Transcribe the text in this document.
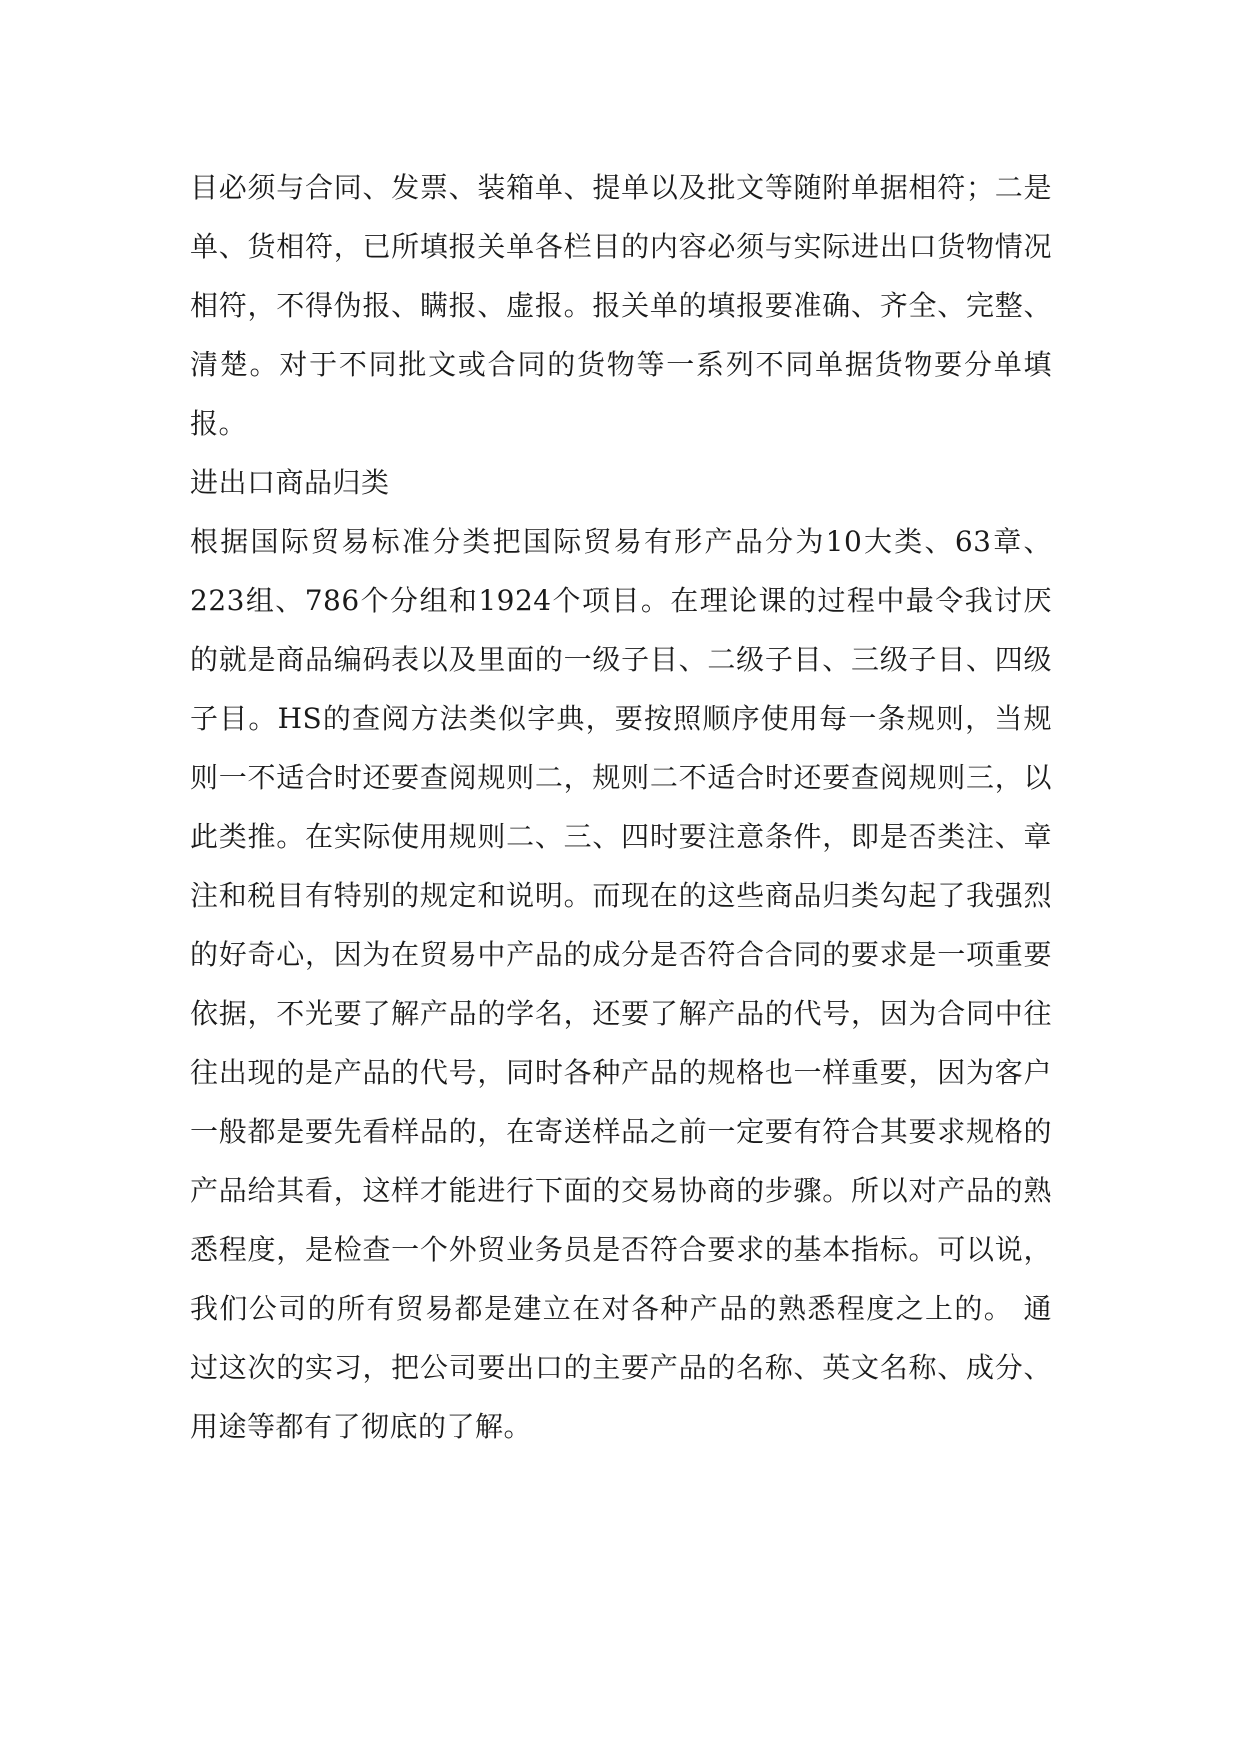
目必须与合同、发票、装箱单、提单以及批文等随附单据相符；二是单、货相符，已所填报关单各栏目的内容必须与实际进出口货物情况相符，不得伪报、瞒报、虚报。报关单的填报要准确、齐全、完整、清楚。对于不同批文或合同的货物等一系列不同单据货物要分单填报。

进出口商品归类

根据国际贸易标准分类把国际贸易有形产品分为10大类、63章、223组、786个分组和1924个项目。在理论课的过程中最令我讨厌的就是商品编码表以及里面的一级子目、二级子目、三级子目、四级子目。HS的查阅方法类似字典，要按照顺序使用每一条规则，当规则一不适合时还要查阅规则二，规则二不适合时还要查阅规则三，以此类推。在实际使用规则二、三、四时要注意条件，即是否类注、章注和税目有特别的规定和说明。而现在的这些商品归类勾起了我强烈的好奇心，因为在贸易中产品的成分是否符合合同的要求是一项重要依据，不光要了解产品的学名，还要了解产品的代号，因为合同中往往出现的是产品的代号，同时各种产品的规格也一样重要，因为客户一般都是要先看样品的，在寄送样品之前一定要有符合其要求规格的产品给其看，这样才能进行下面的交易协商的步骤。所以对产品的熟悉程度，是检查一个外贸业务员是否符合要求的基本指标。可以说，我们公司的所有贸易都是建立在对各种产品的熟悉程度之上的。 通过这次的实习，把公司要出口的主要产品的名称、英文名称、成分、用途等都有了彻底的了解。
